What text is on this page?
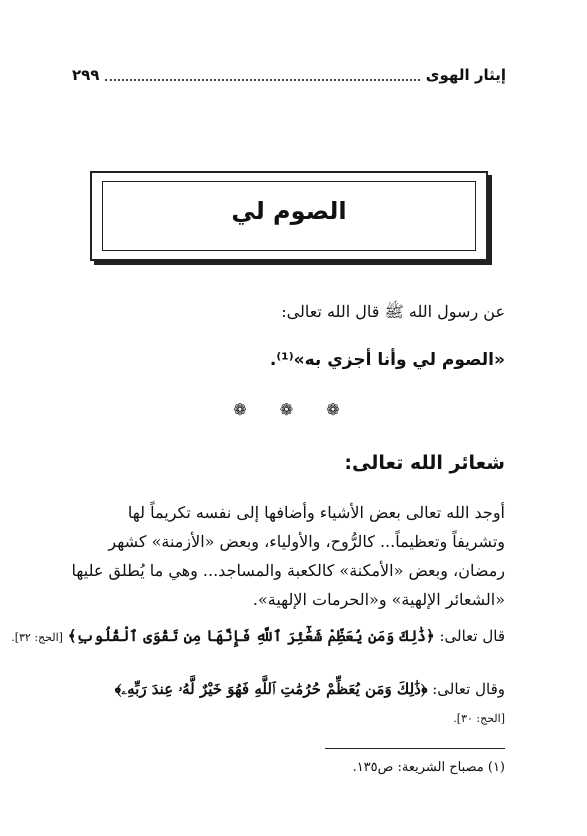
إيثار الهوى
٢٩٩
الصوم لي
عن رسول الله ﷺ قال الله تعالى:
«الصوم لي وأنا أجزي به»⁽¹⁾.
❁ ❁ ❁
شعائر الله تعالى:
أوجد الله تعالى بعض الأشياء وأضافها إلى نفسه تكريماً لها
وتشريفاً وتعظيماً... كالرُّوح، والأولياء، وبعض «الأزمنة» كشهر
رمضان، وبعض «الأمكنة» كالكعبة والمساجد... وهي ما يُطلق عليها
«الشعائر الإلهية» و«الحرمات الإلهية».
قال تعالى: ﴿ذَٰلِكَ وَمَن يُعَظِّمْ شَعَٰٓئِرَ ٱللَّهِ فَإِنَّهَا مِن تَقْوَى ٱلْقُلُوبِ﴾ [الحج: ٣٢].
وقال تعالى: ﴿ذَٰلِكَ وَمَن يُعَظِّمْ حُرُمَٰتِ ٱللَّهِ فَهُوَ خَيْرٌ لَّهُۥ عِندَ رَبِّهِۦ﴾
[الحج: ٣٠].
(١) مصباح الشريعة: ص١٣٥.
